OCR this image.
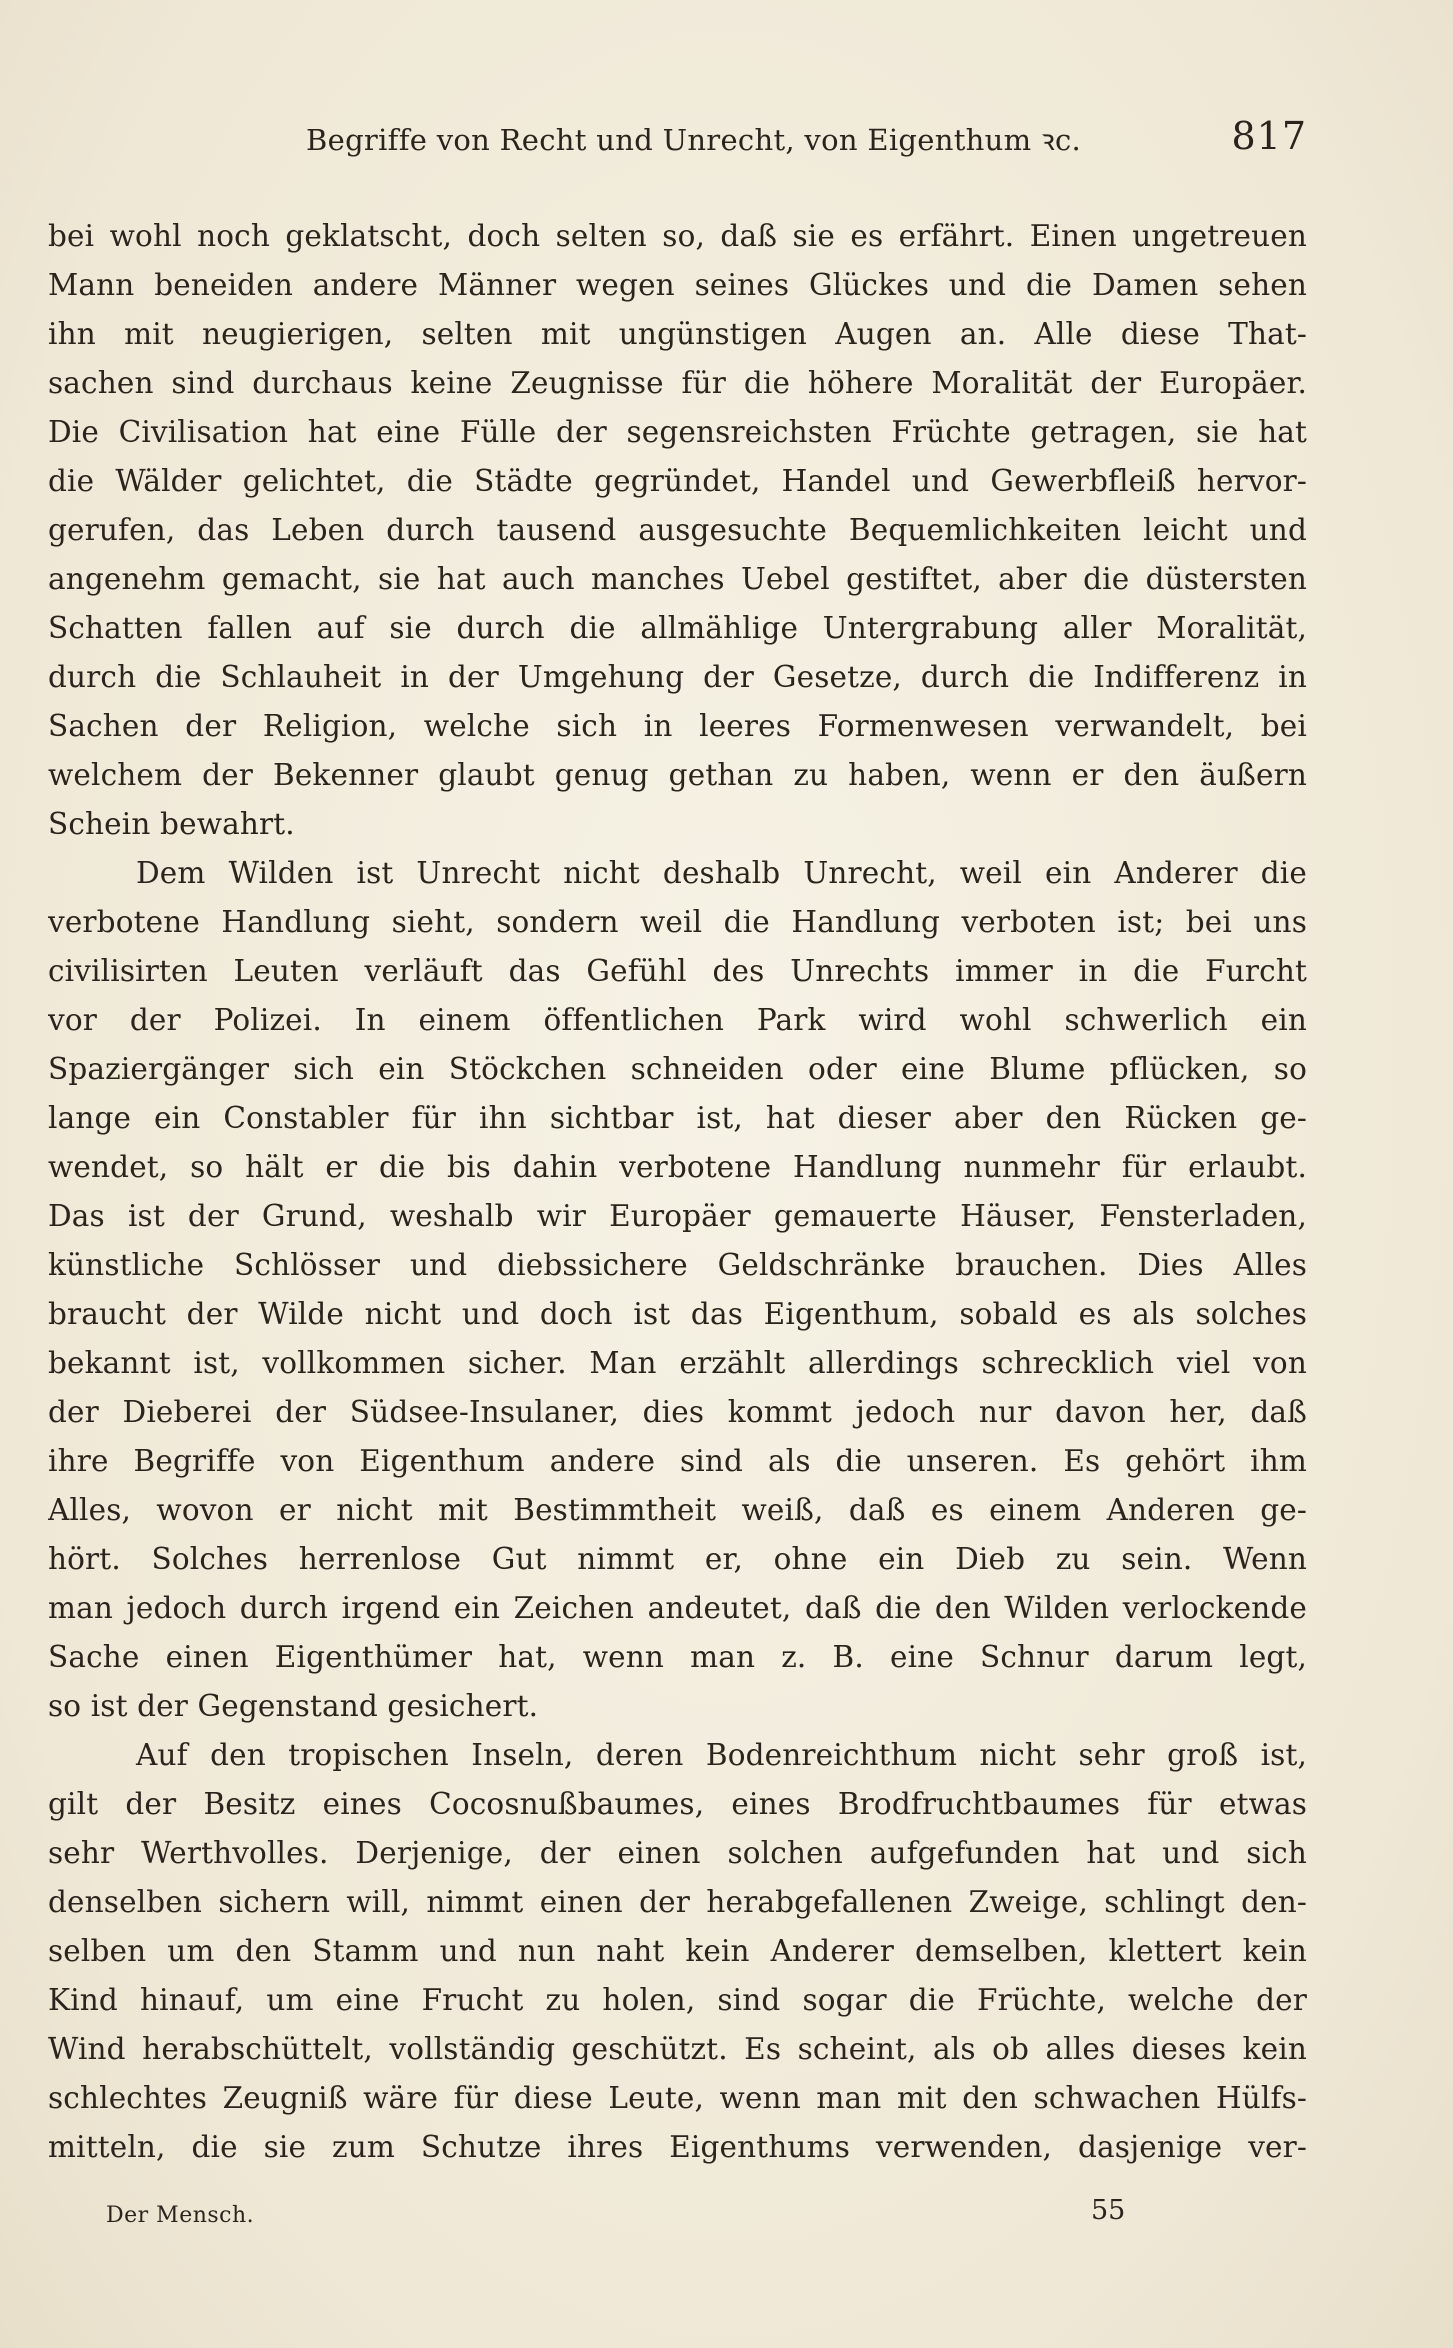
Begriffe von Recht und Unrecht, von Eigenthum ꝛc.	817
bei wohl noch geklatscht, doch selten so, daß sie es erfährt. Einen ungetreuen
Mann beneiden andere Männer wegen seines Glückes und die Damen sehen
ihn mit neugierigen, selten mit ungünstigen Augen an. Alle diese That-
sachen sind durchaus keine Zeugnisse für die höhere Moralität der Europäer.
Die Civilisation hat eine Fülle der segensreichsten Früchte getragen, sie hat
die Wälder gelichtet, die Städte gegründet, Handel und Gewerbfleiß hervor-
gerufen, das Leben durch tausend ausgesuchte Bequemlichkeiten leicht und
angenehm gemacht, sie hat auch manches Uebel gestiftet, aber die düstersten
Schatten fallen auf sie durch die allmählige Untergrabung aller Moralität,
durch die Schlauheit in der Umgehung der Gesetze, durch die Indifferenz in
Sachen der Religion, welche sich in leeres Formenwesen verwandelt, bei
welchem der Bekenner glaubt genug gethan zu haben, wenn er den äußern
Schein bewahrt.
Dem Wilden ist Unrecht nicht deshalb Unrecht, weil ein Anderer die
verbotene Handlung sieht, sondern weil die Handlung verboten ist; bei uns
civilisirten Leuten verläuft das Gefühl des Unrechts immer in die Furcht
vor der Polizei. In einem öffentlichen Park wird wohl schwerlich ein
Spaziergänger sich ein Stöckchen schneiden oder eine Blume pflücken, so
lange ein Constabler für ihn sichtbar ist, hat dieser aber den Rücken ge-
wendet, so hält er die bis dahin verbotene Handlung nunmehr für erlaubt.
Das ist der Grund, weshalb wir Europäer gemauerte Häuser, Fensterladen,
künstliche Schlösser und diebssichere Geldschränke brauchen. Dies Alles
braucht der Wilde nicht und doch ist das Eigenthum, sobald es als solches
bekannt ist, vollkommen sicher. Man erzählt allerdings schrecklich viel von
der Dieberei der Südsee-Insulaner, dies kommt jedoch nur davon her, daß
ihre Begriffe von Eigenthum andere sind als die unseren. Es gehört ihm
Alles, wovon er nicht mit Bestimmtheit weiß, daß es einem Anderen ge-
hört. Solches herrenlose Gut nimmt er, ohne ein Dieb zu sein. Wenn
man jedoch durch irgend ein Zeichen andeutet, daß die den Wilden verlockende
Sache einen Eigenthümer hat, wenn man z. B. eine Schnur darum legt,
so ist der Gegenstand gesichert.
Auf den tropischen Inseln, deren Bodenreichthum nicht sehr groß ist,
gilt der Besitz eines Cocosnußbaumes, eines Brodfruchtbaumes für etwas
sehr Werthvolles. Derjenige, der einen solchen aufgefunden hat und sich
denselben sichern will, nimmt einen der herabgefallenen Zweige, schlingt den-
selben um den Stamm und nun naht kein Anderer demselben, klettert kein
Kind hinauf, um eine Frucht zu holen, sind sogar die Früchte, welche der
Wind herabschüttelt, vollständig geschützt. Es scheint, als ob alles dieses kein
schlechtes Zeugniß wäre für diese Leute, wenn man mit den schwachen Hülfs-
mitteln, die sie zum Schutze ihres Eigenthums verwenden, dasjenige ver-
Der Mensch.	55
